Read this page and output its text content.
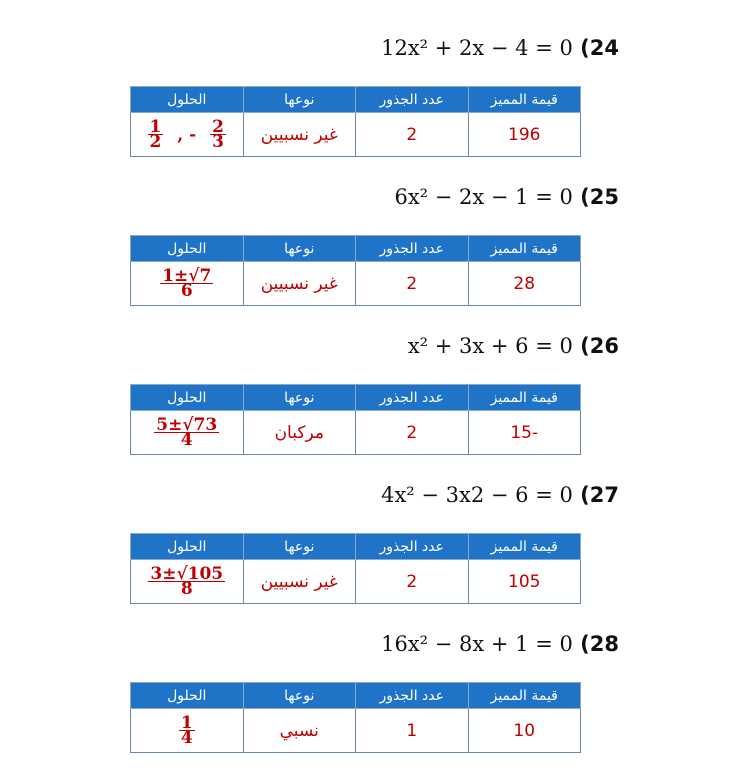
12x² + 2x − 4 = 0 (24
قيمة المميز	عدد الجذور	نوعها	الحلول
196	2	غير نسبيين	$\frac{1}{2}$ , - $\frac{2}{3}$
6x² − 2x − 1 = 0 (25
قيمة المميز	عدد الجذور	نوعها	الحلول
28	2	غير نسبيين	$\frac{1\pm√7}{6}$
x² + 3x + 6 = 0 (26
قيمة المميز	عدد الجذور	نوعها	الحلول
-15	2	مركبان	$\frac{5\pm√73}{4}$
4x² − 3x2 − 6 = 0 (27
قيمة المميز	عدد الجذور	نوعها	الحلول
105	2	غير نسبيين	$\frac{3\pm√105}{8}$
16x² − 8x + 1 = 0 (28
قيمة المميز	عدد الجذور	نوعها	الحلول
10	1	نسبي	$\frac{1}{4}$
